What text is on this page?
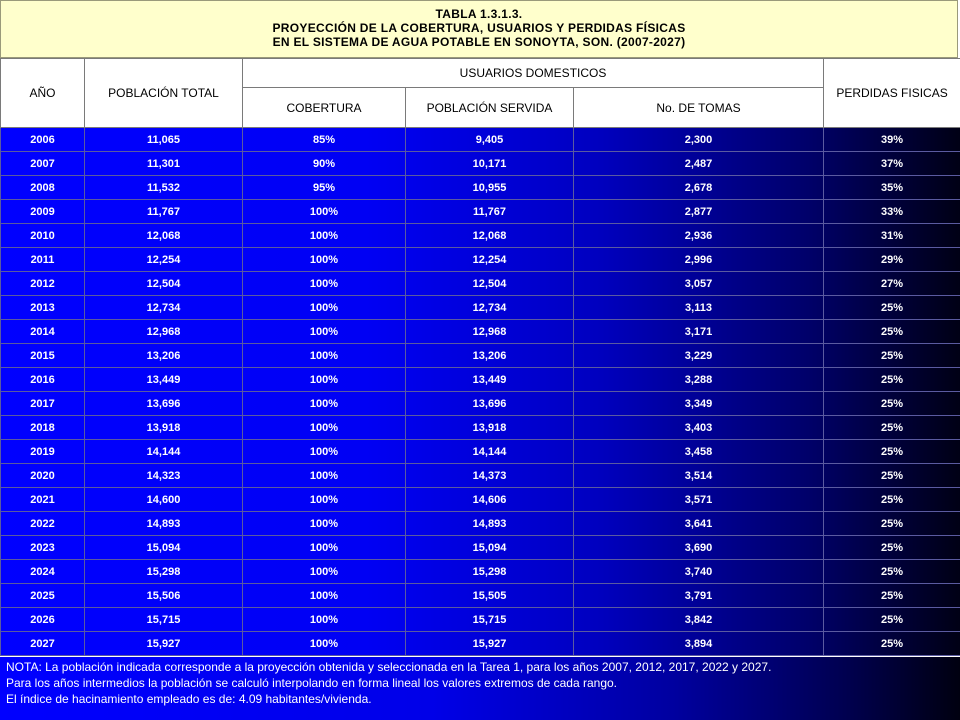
TABLA 1.3.1.3.
PROYECCIÓN DE LA COBERTURA, USUARIOS Y PERDIDAS FÍSICAS
EN EL SISTEMA DE AGUA POTABLE EN SONOYTA, SON. (2007-2027)
AÑO	POBLACIÓN TOTAL	USUARIOS DOMESTICOS			PERDIDAS FISICAS
		COBERTURA	POBLACIÓN SERVIDA	No. DE TOMAS	
2006	11,065	85%	9,405	2,300	39%
2007	11,301	90%	10,171	2,487	37%
2008	11,532	95%	10,955	2,678	35%
2009	11,767	100%	11,767	2,877	33%
2010	12,068	100%	12,068	2,936	31%
2011	12,254	100%	12,254	2,996	29%
2012	12,504	100%	12,504	3,057	27%
2013	12,734	100%	12,734	3,113	25%
2014	12,968	100%	12,968	3,171	25%
2015	13,206	100%	13,206	3,229	25%
2016	13,449	100%	13,449	3,288	25%
2017	13,696	100%	13,696	3,349	25%
2018	13,918	100%	13,918	3,403	25%
2019	14,144	100%	14,144	3,458	25%
2020	14,323	100%	14,373	3,514	25%
2021	14,600	100%	14,606	3,571	25%
2022	14,893	100%	14,893	3,641	25%
2023	15,094	100%	15,094	3,690	25%
2024	15,298	100%	15,298	3,740	25%
2025	15,506	100%	15,505	3,791	25%
2026	15,715	100%	15,715	3,842	25%
2027	15,927	100%	15,927	3,894	25%
NOTA: La población indicada corresponde a la proyección obtenida y seleccionada en la Tarea 1, para los años 2007, 2012, 2017, 2022 y 2027.
Para los años intermedios la población se calculó interpolando en forma lineal los valores extremos de cada rango.
El índice de hacinamiento empleado es de: 4.09 habitantes/vivienda.
